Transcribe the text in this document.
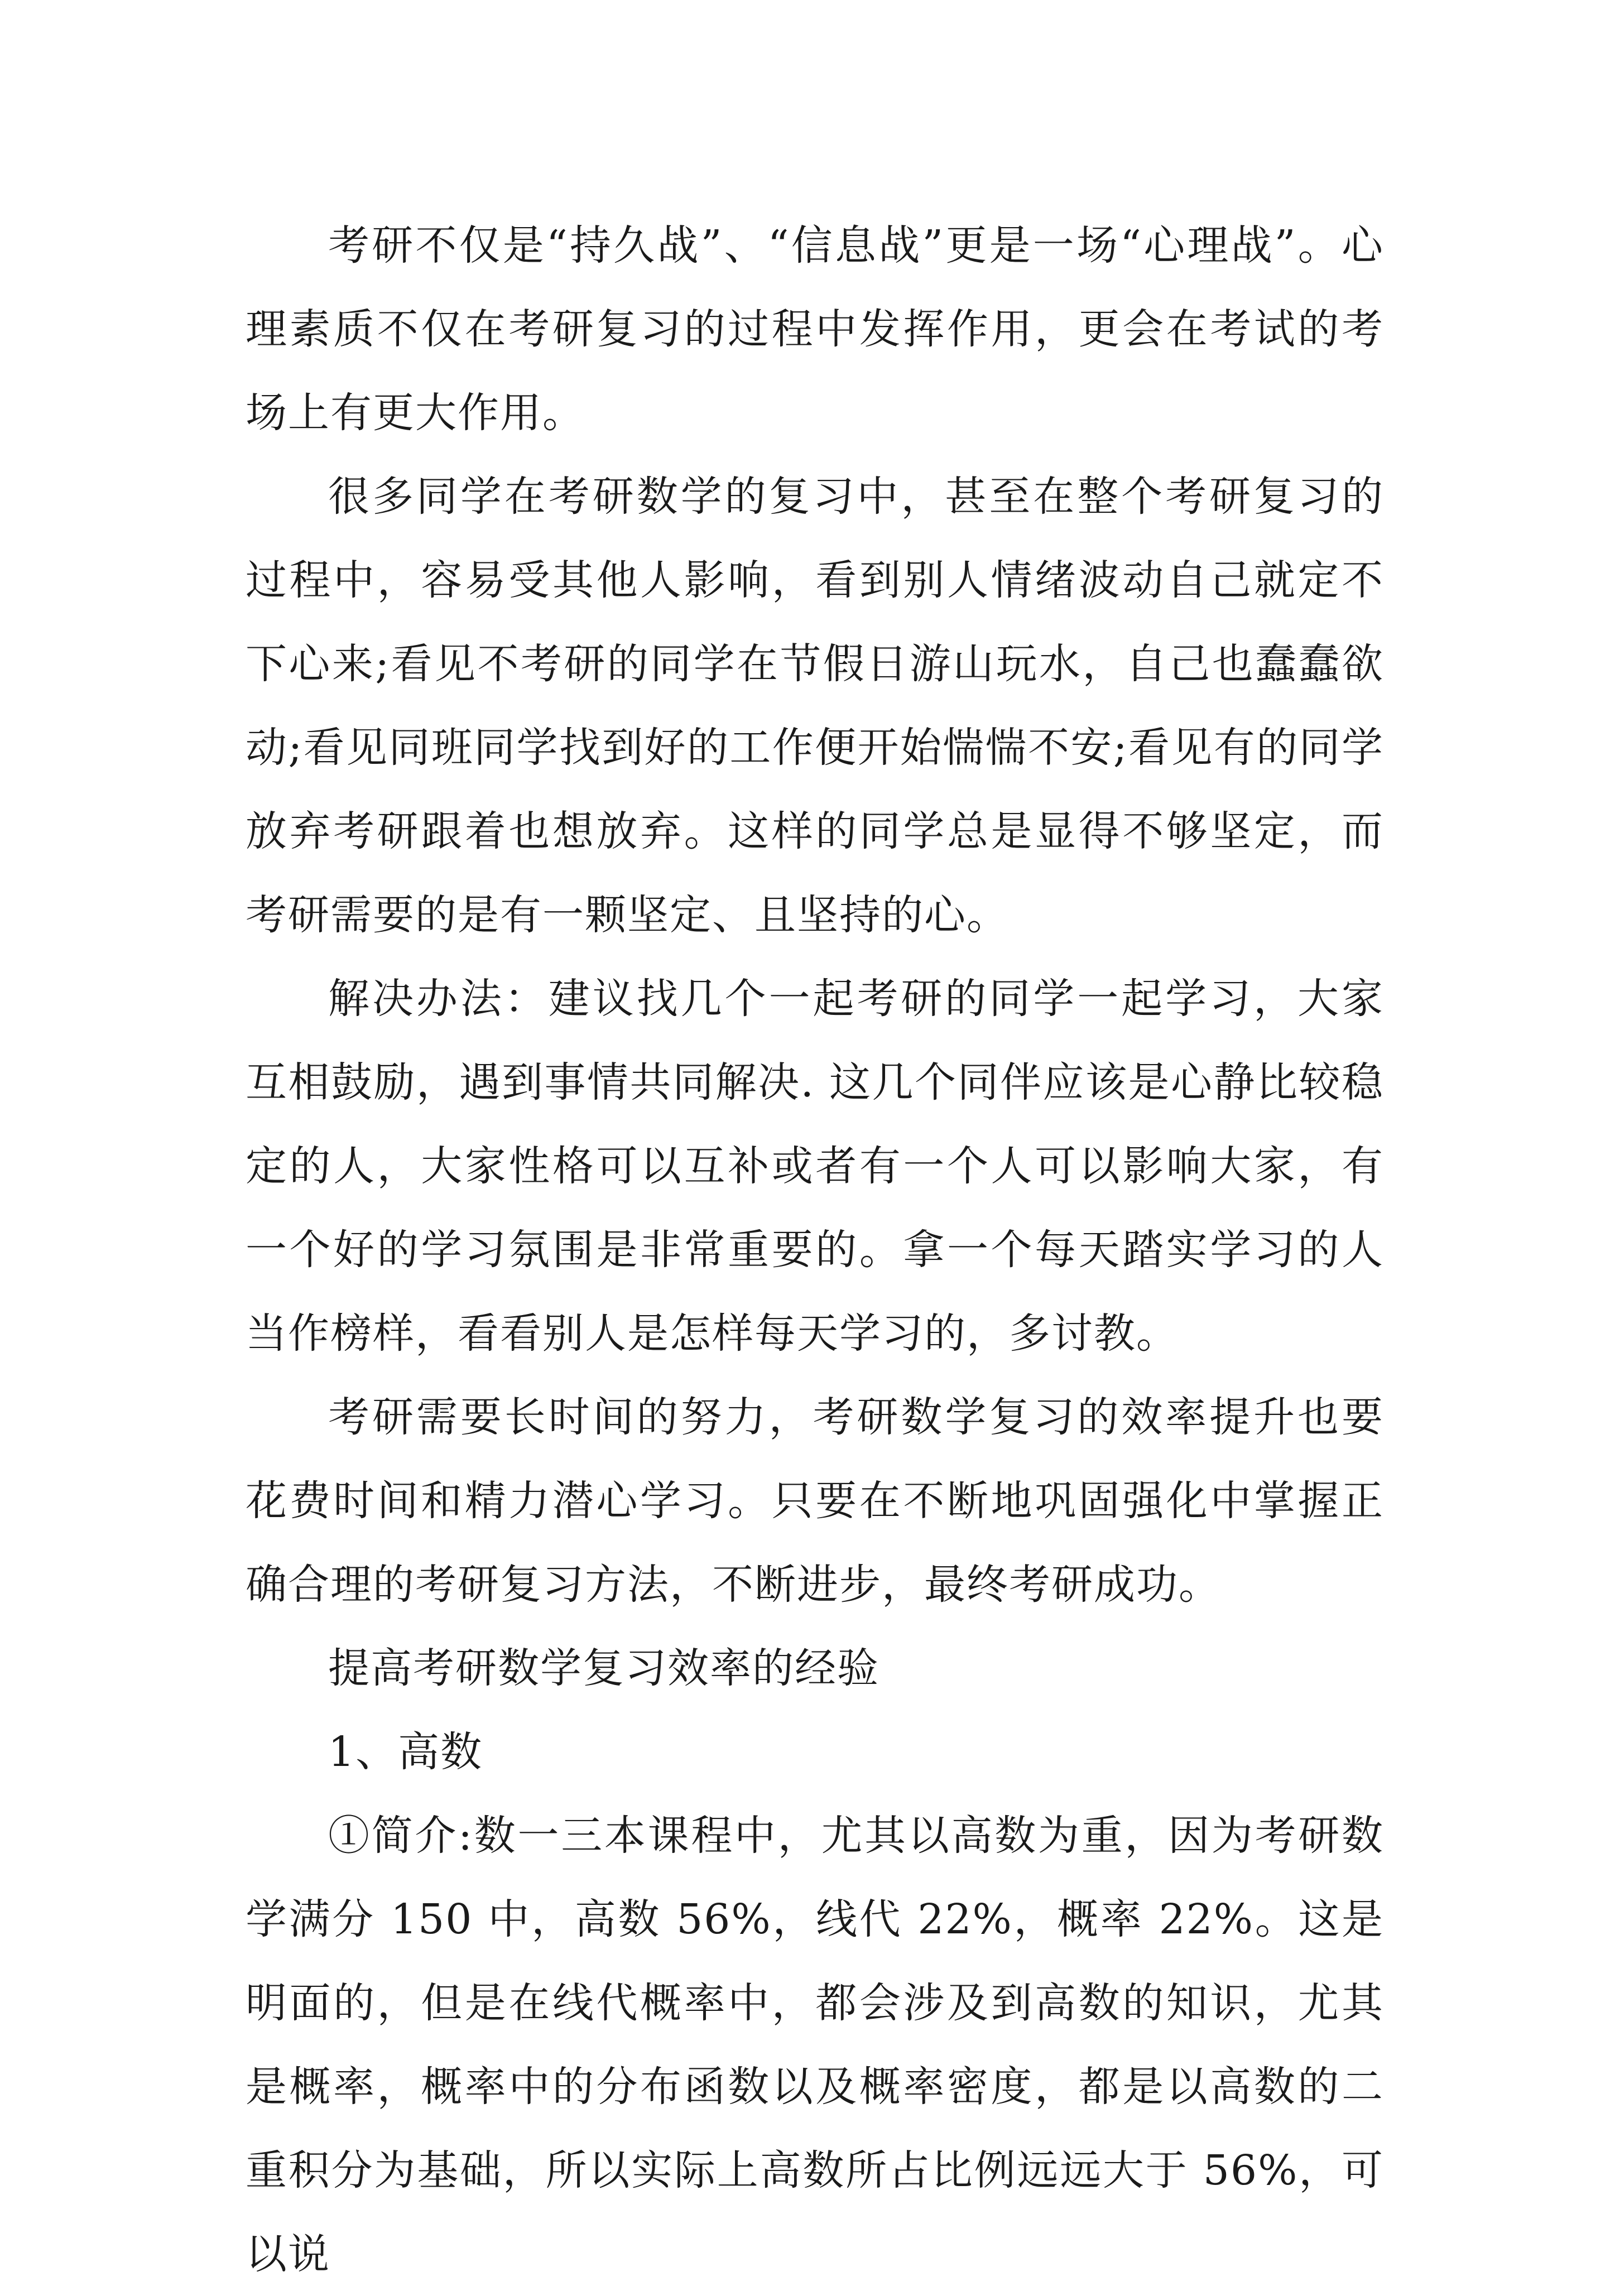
考研不仅是“持久战”、“信息战”更是一场“心理战”。心理素质不仅在考研复习的过程中发挥作用，更会在考试的考场上有更大作用。

很多同学在考研数学的复习中，甚至在整个考研复习的过程中，容易受其他人影响，看到别人情绪波动自己就定不下心来;看见不考研的同学在节假日游山玩水，自己也蠢蠢欲动;看见同班同学找到好的工作便开始惴惴不安;看见有的同学放弃考研跟着也想放弃。这样的同学总是显得不够坚定，而考研需要的是有一颗坚定、且坚持的心。

解决办法：建议找几个一起考研的同学一起学习，大家互相鼓励，遇到事情共同解决. 这几个同伴应该是心静比较稳定的人，大家性格可以互补或者有一个人可以影响大家，有一个好的学习氛围是非常重要的。拿一个每天踏实学习的人当作榜样，看看别人是怎样每天学习的，多讨教。

考研需要长时间的努力，考研数学复习的效率提升也要花费时间和精力潜心学习。只要在不断地巩固强化中掌握正确合理的考研复习方法，不断进步，最终考研成功。

提高考研数学复习效率的经验

1、高数

①简介:数一三本课程中，尤其以高数为重，因为考研数学满分 150 中，高数 56%，线代 22%，概率 22%。这是明面的，但是在线代概率中，都会涉及到高数的知识，尤其是概率，概率中的分布函数以及概率密度，都是以高数的二重积分为基础，所以实际上高数所占比例远远大于 56%，可以说
